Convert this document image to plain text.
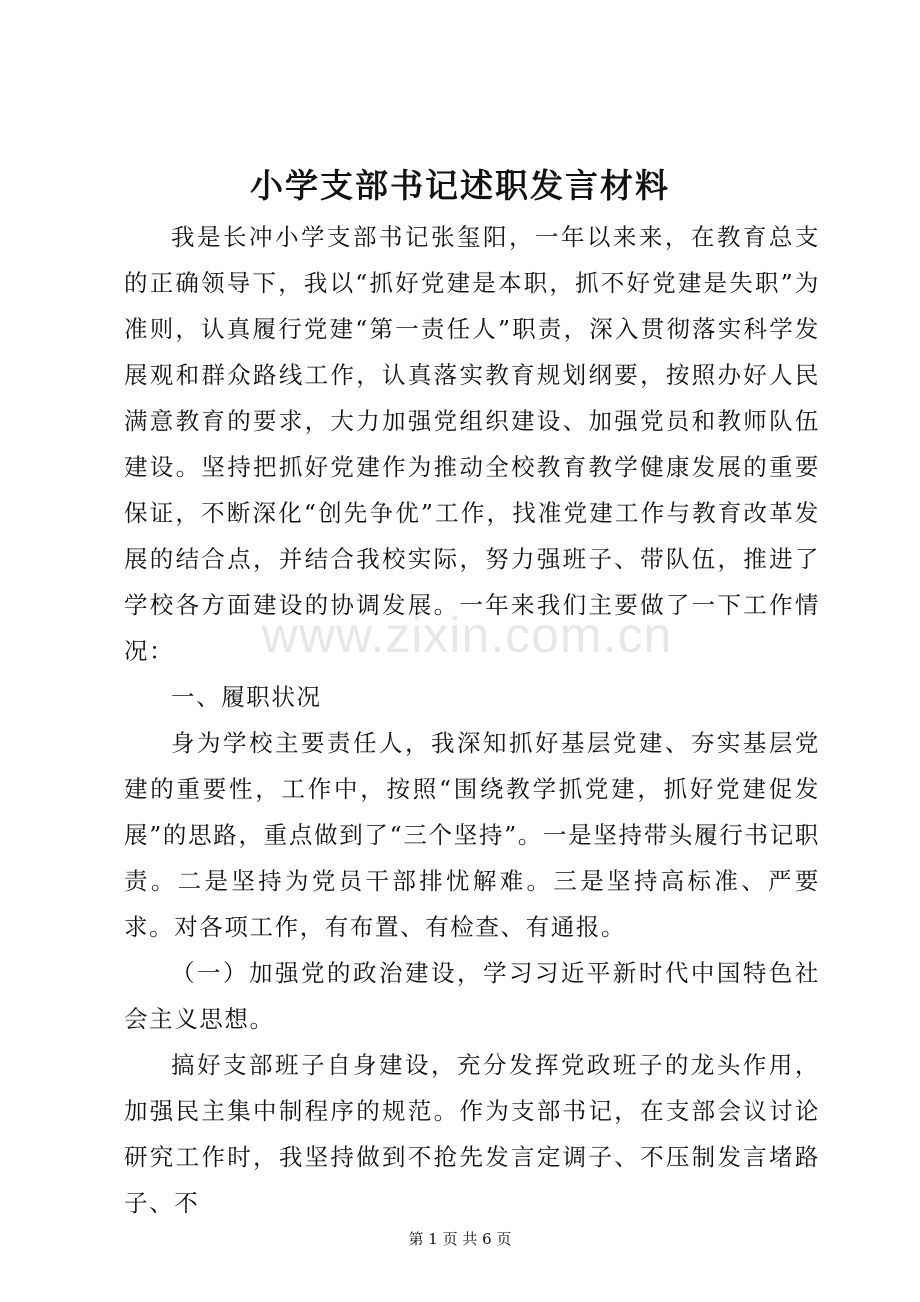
小学支部书记述职发言材料

我是长冲小学支部书记张玺阳，一年以来来，在教育总支的正确领导下，我以“抓好党建是本职，抓不好党建是失职”为准则，认真履行党建“第一责任人”职责，深入贯彻落实科学发展观和群众路线工作，认真落实教育规划纲要，按照办好人民满意教育的要求，大力加强党组织建设、加强党员和教师队伍建设。坚持把抓好党建作为推动全校教育教学健康发展的重要保证，不断深化“创先争优”工作，找准党建工作与教育改革发展的结合点，并结合我校实际，努力强班子、带队伍，推进了学校各方面建设的协调发展。一年来我们主要做了一下工作情况：

一、履职状况

身为学校主要责任人，我深知抓好基层党建、夯实基层党建的重要性，工作中，按照“围绕教学抓党建，抓好党建促发展”的思路，重点做到了“三个坚持”。一是坚持带头履行书记职责。二是坚持为党员干部排忧解难。三是坚持高标准、严要求。对各项工作，有布置、有检查、有通报。

（一）加强党的政治建设，学习习近平新时代中国特色社会主义思想。

搞好支部班子自身建设，充分发挥党政班子的龙头作用，加强民主集中制程序的规范。作为支部书记，在支部会议讨论研究工作时，我坚持做到不抢先发言定调子、不压制发言堵路子、不

www.zixin.com.cn
第 1 页 共 6 页
